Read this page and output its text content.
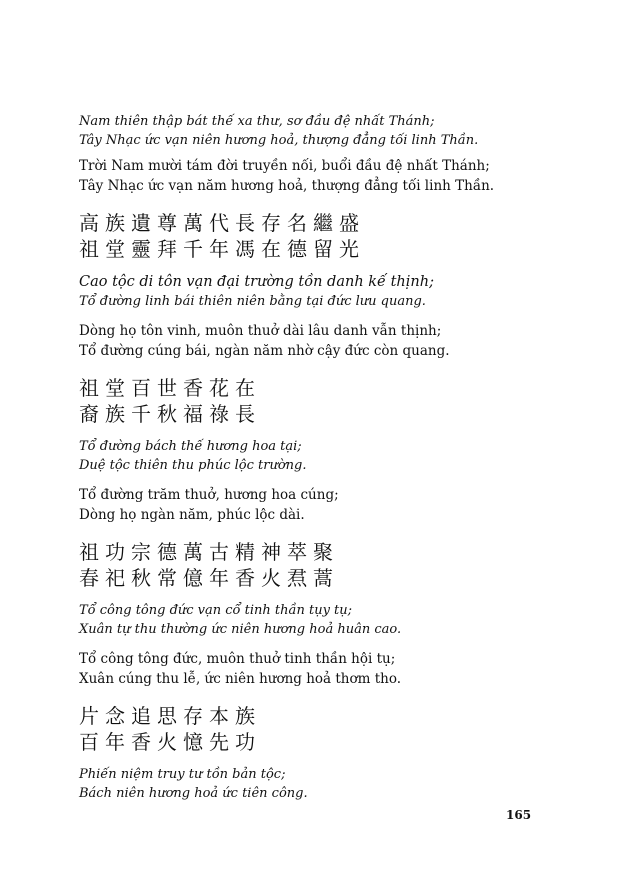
Nam thiên thập bát thế xa thư, sơ đầu đệ nhất Thánh;
Tây Nhạc ức vạn niên hương hoả, thượng đẳng tối linh Thần.
Trời Nam mười tám đời truyền nối, buổi đầu đệ nhất Thánh;
Tây Nhạc ức vạn năm hương hoả, thượng đẳng tối linh Thần.
高族遺尊萬代長存名繼盛
祖堂靈拜千年馮在德留光
Cao tộc di tôn vạn đại trường tồn danh kế thịnh;
Tổ đường linh bái thiên niên bằng tại đức lưu quang.
Dòng họ tôn vinh, muôn thuở dài lâu danh vẫn thịnh;
Tổ đường cúng bái, ngàn năm nhờ cậy đức còn quang.
祖堂百世香花在
裔族千秋福祿長
Tổ đường bách thế hương hoa tại;
Duệ tộc thiên thu phúc lộc trường.
Tổ đường trăm thuở, hương hoa cúng;
Dòng họ ngàn năm, phúc lộc dài.
祖功宗德萬古精神萃聚
春祀秋常億年香火焄蒿
Tổ công tông đức vạn cổ tinh thần tụy tụ;
Xuân tự thu thường ức niên hương hoả huân cao.
Tổ công tông đức, muôn thuở tinh thần hội tụ;
Xuân cúng thu lễ, ức niên hương hoả thơm tho.
片念追思存本族
百年香火憶先功
Phiến niệm truy tư tồn bản tộc;
Bách niên hương hoả ức tiên công.
165
